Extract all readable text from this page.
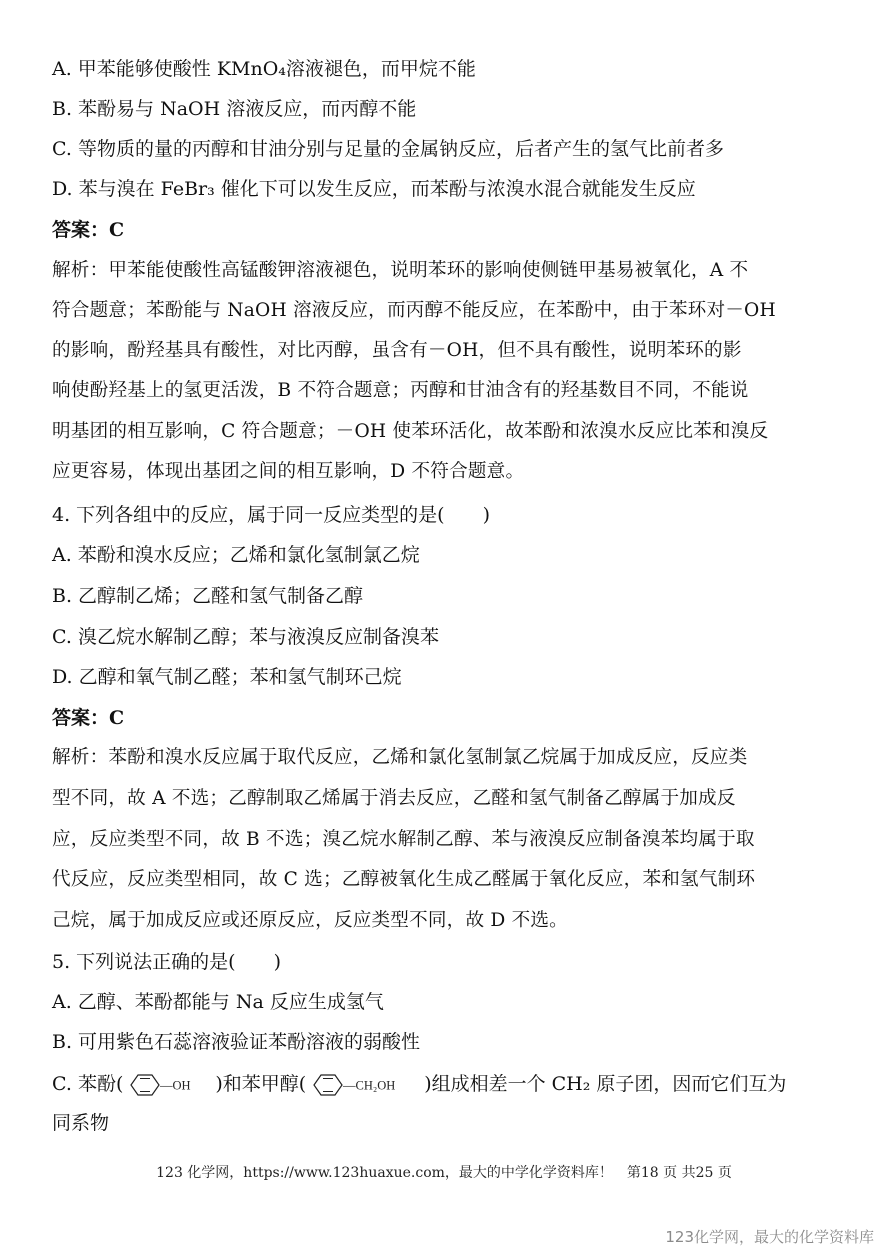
A. 甲苯能够使酸性 KMnO₄溶液褪色，而甲烷不能
B. 苯酚易与 NaOH 溶液反应，而丙醇不能
C. 等物质的量的丙醇和甘油分别与足量的金属钠反应，后者产生的氢气比前者多
D. 苯与溴在 FeBr₃ 催化下可以发生反应，而苯酚与浓溴水混合就能发生反应
答案：C
解析：甲苯能使酸性高锰酸钾溶液褪色，说明苯环的影响使侧链甲基易被氧化，A 不
符合题意；苯酚能与 NaOH 溶液反应，而丙醇不能反应，在苯酚中，由于苯环对－OH
的影响，酚羟基具有酸性，对比丙醇，虽含有－OH，但不具有酸性，说明苯环的影
响使酚羟基上的氢更活泼，B 不符合题意；丙醇和甘油含有的羟基数目不同，不能说
明基团的相互影响，C 符合题意；－OH 使苯环活化，故苯酚和浓溴水反应比苯和溴反
应更容易，体现出基团之间的相互影响，D 不符合题意。
4. 下列各组中的反应，属于同一反应类型的是(　　)
A. 苯酚和溴水反应；乙烯和氯化氢制氯乙烷
B. 乙醇制乙烯；乙醛和氢气制备乙醇
C. 溴乙烷水解制乙醇；苯与液溴反应制备溴苯
D. 乙醇和氧气制乙醛；苯和氢气制环己烷
答案：C
解析：苯酚和溴水反应属于取代反应，乙烯和氯化氢制氯乙烷属于加成反应，反应类
型不同，故 A 不选；乙醇制取乙烯属于消去反应，乙醛和氢气制备乙醇属于加成反
应，反应类型不同，故 B 不选；溴乙烷水解制乙醇、苯与液溴反应制备溴苯均属于取
代反应，反应类型相同，故 C 选；乙醇被氧化生成乙醛属于氧化反应，苯和氢气制环
己烷，属于加成反应或还原反应，反应类型不同，故 D 不选。
5. 下列说法正确的是(　　)
A. 乙醇、苯酚都能与 Na 反应生成氢气
B. 可用紫色石蕊溶液验证苯酚溶液的弱酸性
C. 苯酚(	—OH )和苯甲醇(	—CH₂OH )组成相差一个 CH₂ 原子团，因而它们互为
同系物
123 化学网，https://www.123huaxue.com，最大的中学化学资料库！　第18 页 共25 页
123化学网，最大的化学资料库
